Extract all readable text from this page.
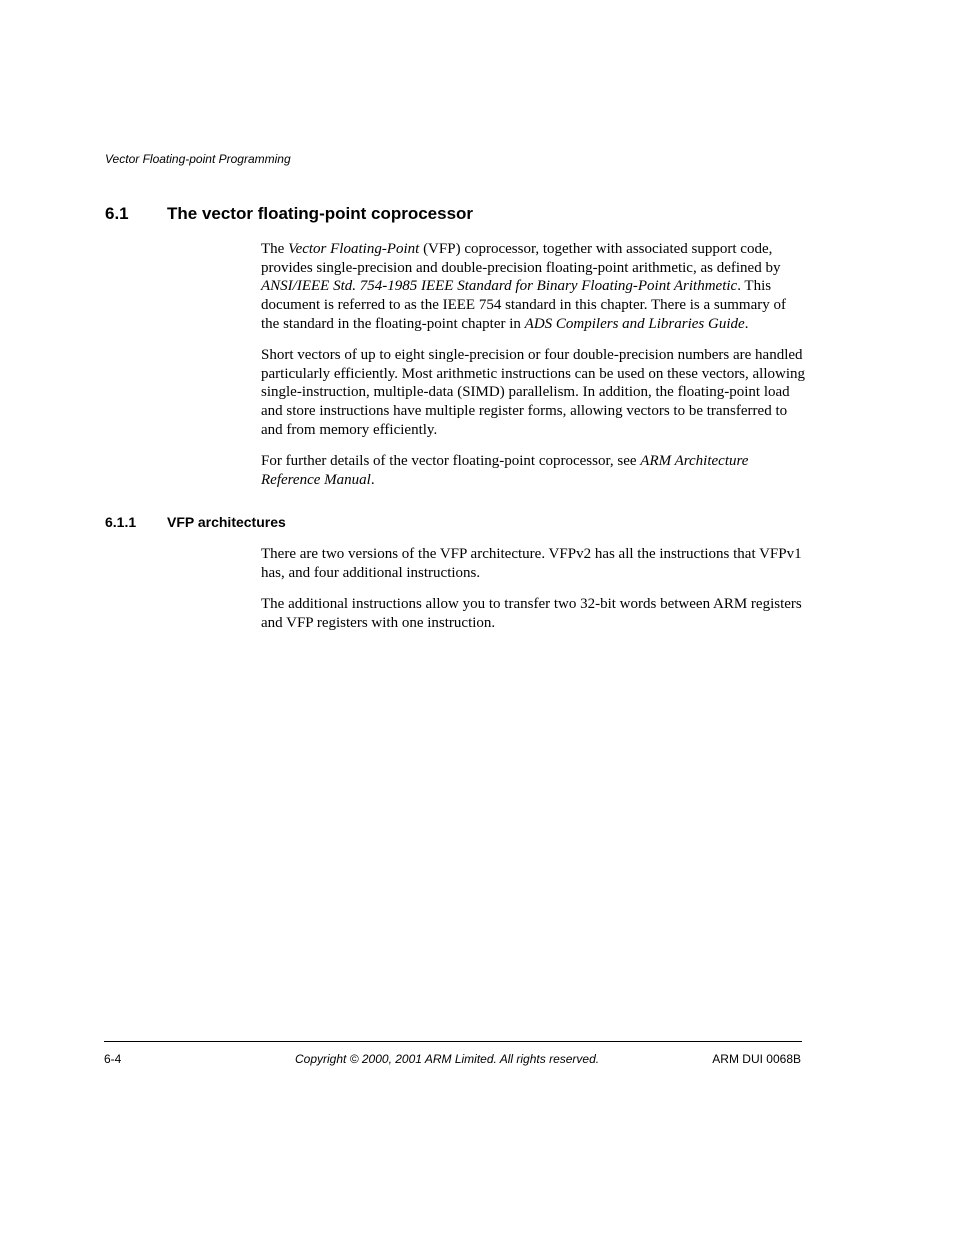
Vector Floating-point Programming
6.1 The vector floating-point coprocessor

The Vector Floating-Point (VFP) coprocessor, together with associated support code, provides single-precision and double-precision floating-point arithmetic, as defined by ANSI/IEEE Std. 754-1985 IEEE Standard for Binary Floating-Point Arithmetic. This document is referred to as the IEEE 754 standard in this chapter. There is a summary of the standard in the floating-point chapter in ADS Compilers and Libraries Guide.

Short vectors of up to eight single-precision or four double-precision numbers are handled particularly efficiently. Most arithmetic instructions can be used on these vectors, allowing single-instruction, multiple-data (SIMD) parallelism. In addition, the floating-point load and store instructions have multiple register forms, allowing vectors to be transferred to and from memory efficiently.

For further details of the vector floating-point coprocessor, see ARM Architecture Reference Manual.

6.1.1 VFP architectures

There are two versions of the VFP architecture. VFPv2 has all the instructions that VFPv1 has, and four additional instructions.

The additional instructions allow you to transfer two 32-bit words between ARM registers and VFP registers with one instruction.

6-4	Copyright © 2000, 2001 ARM Limited. All rights reserved.	ARM DUI 0068B
